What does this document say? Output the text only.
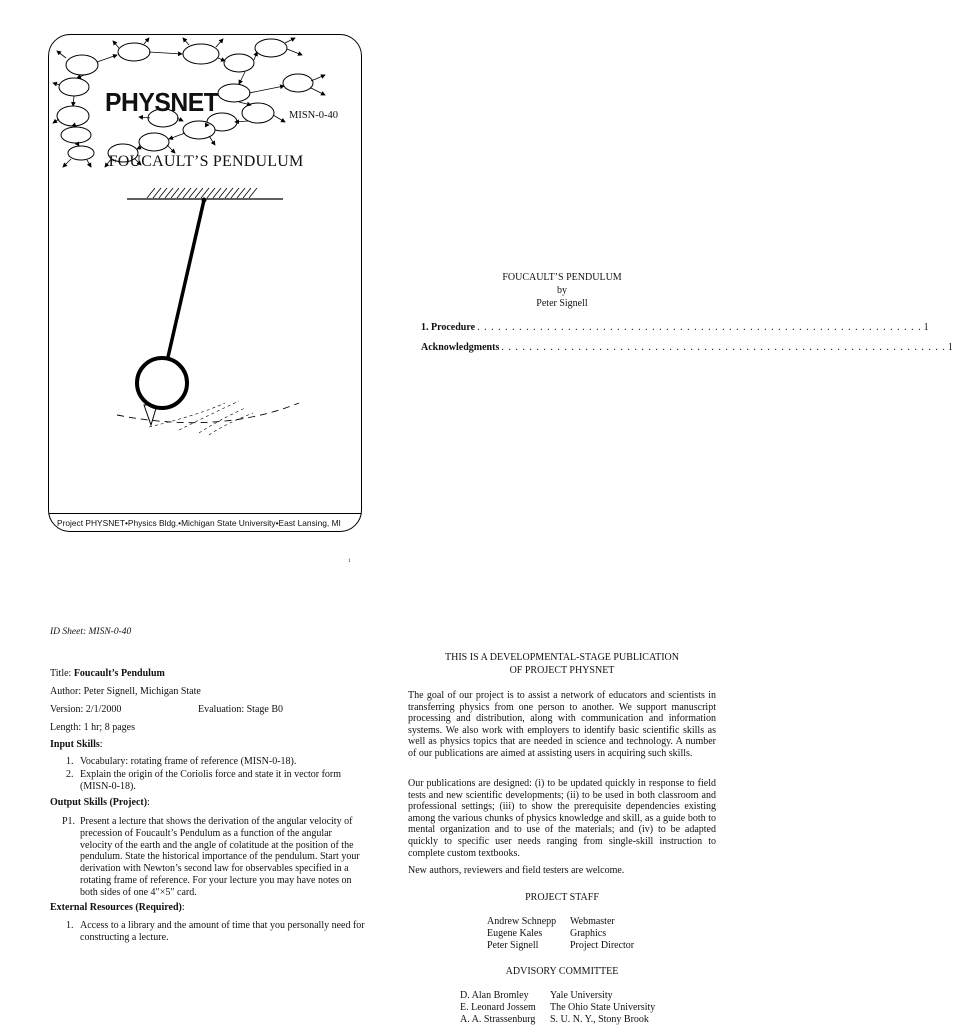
PHYSNET	MISN-0-40
FOUCAULT’S PENDULUM
Project PHYSNET•Physics Bldg.•Michigan State University•East Lansing, MI
1
FOUCAULT’S PENDULUM
by
Peter Signell
1. Procedure . . . . . . . . . . . . . . . . . . . . . . . . . . . . . . . . . . . . . . . . . . . . . . . . . . . . . . . . . . . . . . . . 1
Acknowledgments . . . . . . . . . . . . . . . . . . . . . . . . . . . . . . . . . . . . . . . . . . . . . . . . . . . . . . . . . . . . . . . . 1
ID Sheet: MISN-0-40
Title: Foucault’s Pendulum
Author: Peter Signell, Michigan State
Version: 2/1/2000	Evaluation: Stage B0
Length: 1 hr; 8 pages
Input Skills:
1. Vocabulary: rotating frame of reference (MISN-0-18).
2. Explain the origin of the Coriolis force and state it in vector form (MISN-0-18).
Output Skills (Project):
P1. Present a lecture that shows the derivation of the angular velocity of precession of Foucault’s Pendulum as a function of the angular velocity of the earth and the angle of colatitude at the position of the pendulum. State the historical importance of the pendulum. Start your derivation with Newton’s second law for observables specified in a rotating frame of reference. For your lecture you may have notes on both sides of one 4″×5″ card.
External Resources (Required):
1. Access to a library and the amount of time that you personally need for constructing a lecture.
THIS IS A DEVELOPMENTAL-STAGE PUBLICATION
OF PROJECT PHYSNET
The goal of our project is to assist a network of educators and scientists in transferring physics from one person to another. We support manuscript processing and distribution, along with communication and information systems. We also work with employers to identify basic scientific skills as well as physics topics that are needed in science and technology. A number of our publications are aimed at assisting users in acquiring such skills.
Our publications are designed: (i) to be updated quickly in response to field tests and new scientific developments; (ii) to be used in both classroom and professional settings; (iii) to show the prerequisite dependencies existing among the various chunks of physics knowledge and skill, as a guide both to mental organization and to use of the materials; and (iv) to be adapted quickly to specific user needs ranging from single-skill instruction to complete custom textbooks.
New authors, reviewers and field testers are welcome.
PROJECT STAFF
Andrew Schnepp	Webmaster
Eugene Kales	Graphics
Peter Signell	Project Director
ADVISORY COMMITTEE
D. Alan Bromley	Yale University
E. Leonard Jossem	The Ohio State University
A. A. Strassenburg	S. U. N. Y., Stony Brook
